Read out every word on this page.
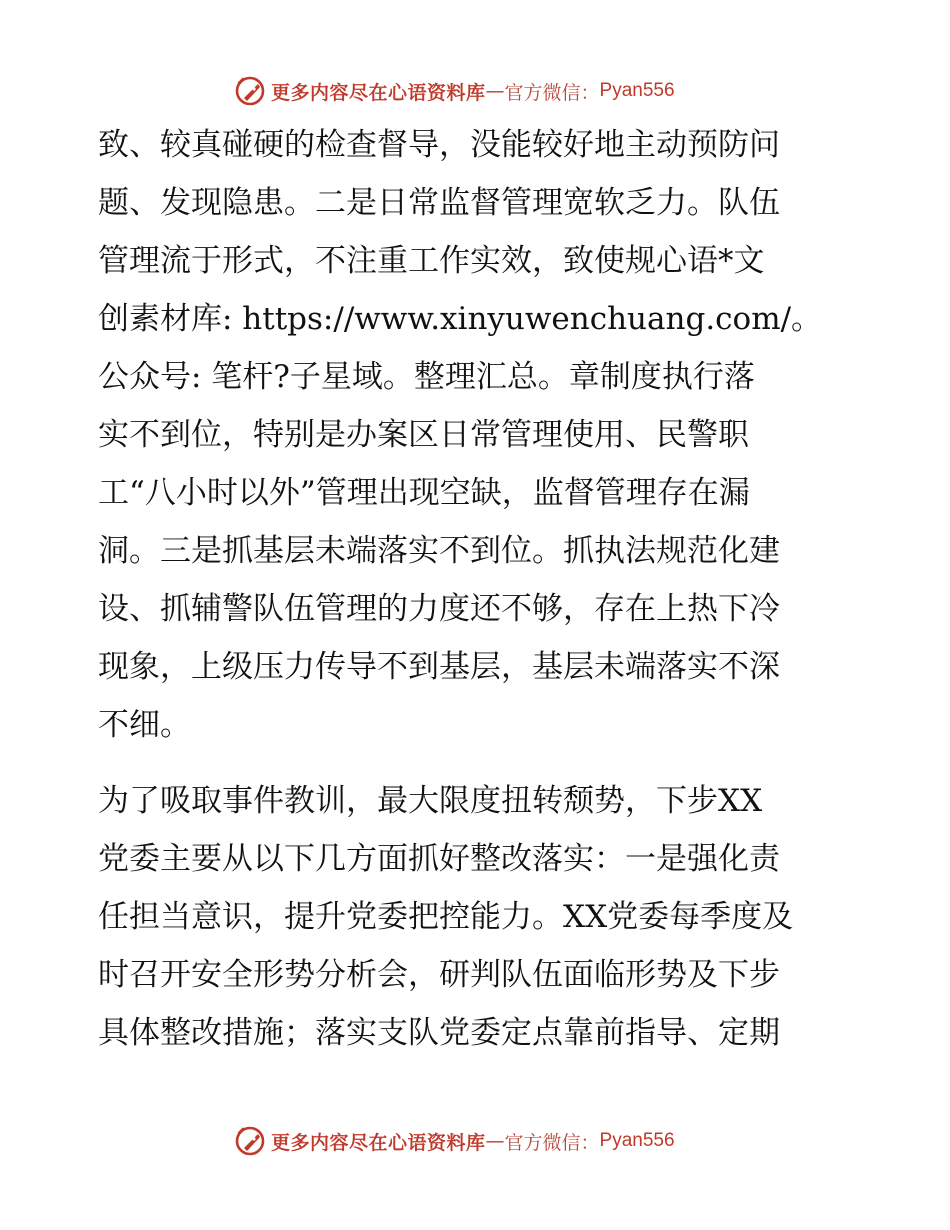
更多内容尽在心语资料库 — 官方微信： Pyan556
致、较真碰硬的检查督导，没能较好地主动预防问
题、发现隐患。二是日常监督管理宽软乏力。队伍
管理流于形式，不注重工作实效，致使规心语*文
创素材库: https://www.xinyuwenchuang.com/。
公众号: 笔杆?子星域。整理汇总。章制度执行落
实不到位，特别是办案区日常管理使用、民警职
工“八小时以外”管理出现空缺，监督管理存在漏
洞。三是抓基层未端落实不到位。抓执法规范化建
设、抓辅警队伍管理的力度还不够，存在上热下冷
现象，上级压力传导不到基层，基层未端落实不深
不细。
为了吸取事件教训，最大限度扭转颓势，下步XX
党委主要从以下几方面抓好整改落实：一是强化责
任担当意识，提升党委把控能力。XX党委每季度及
时召开安全形势分析会，研判队伍面临形势及下步
具体整改措施；落实支队党委定点靠前指导、定期
更多内容尽在心语资料库 — 官方微信： Pyan556
